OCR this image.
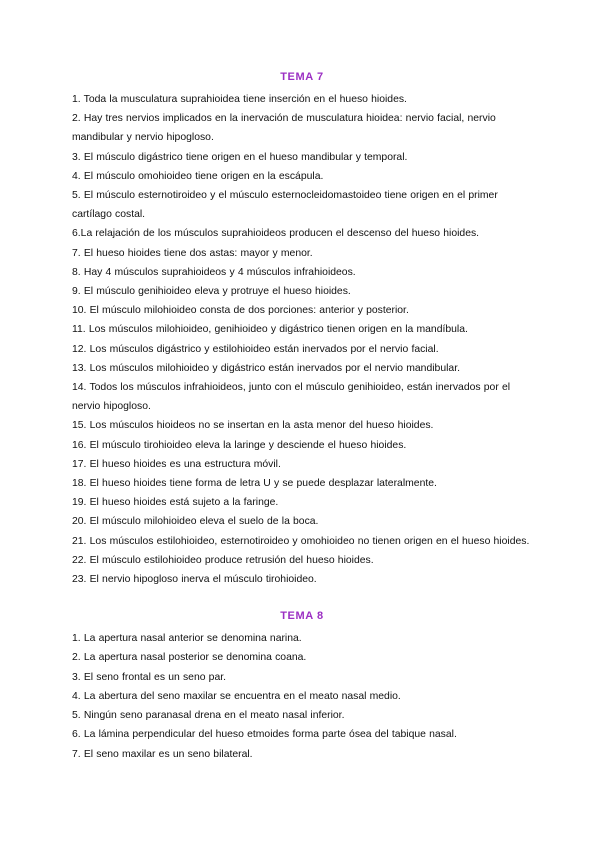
TEMA 7

1. Toda la musculatura suprahioidea tiene inserción en el hueso hioides.

2. Hay tres nervios implicados en la inervación de musculatura hioidea: nervio facial, nervio mandibular y nervio hipogloso.

3. El músculo digástrico tiene origen en el hueso mandibular y temporal.

4. El músculo omohioideo tiene origen en la escápula.

5. El músculo esternotiroideo y el músculo esternocleidomastoideo tiene origen en el primer cartílago costal.

6.La relajación de los músculos suprahioideos producen el descenso del hueso hioides.

7. El hueso hioides tiene dos astas: mayor y menor.

8. Hay 4 músculos suprahioideos y 4 músculos infrahioideos.

9. El músculo genihioideo eleva y protruye el hueso hioides.

10. El músculo milohioideo consta de dos porciones: anterior y posterior.

11. Los músculos milohioideo, genihioideo y digástrico tienen origen en la mandíbula.

12. Los músculos digástrico y estilohioideo están inervados por el nervio facial.

13. Los músculos milohioideo y digástrico están inervados por el nervio mandibular.

14. Todos los músculos infrahioideos, junto con el músculo genihioideo, están inervados por el nervio hipogloso.

15. Los músculos hioideos no se insertan en la asta menor del hueso hioides.

16. El músculo tirohioideo eleva la laringe y desciende el hueso hioides.

17. El hueso hioides es una estructura móvil.

18. El hueso hioides tiene forma de letra U y se puede desplazar lateralmente.

19. El hueso hioides está sujeto a la faringe.

20. El músculo milohioideo eleva el suelo de la boca.

21. Los músculos estilohioideo, esternotiroideo y omohioideo no tienen origen en el hueso hioides.

22. El músculo estilohioideo produce retrusión del hueso hioides.

23. El nervio hipogloso inerva el músculo tirohioideo.

TEMA 8

1. La apertura nasal anterior se denomina narina.

2. La apertura nasal posterior se denomina coana.

3. El seno frontal es un seno par.

4. La abertura del seno maxilar se encuentra en el meato nasal medio.

5. Ningún seno paranasal drena en el meato nasal inferior.

6. La lámina perpendicular del hueso etmoides forma parte ósea del tabique nasal.

7. El seno maxilar es un seno bilateral.
